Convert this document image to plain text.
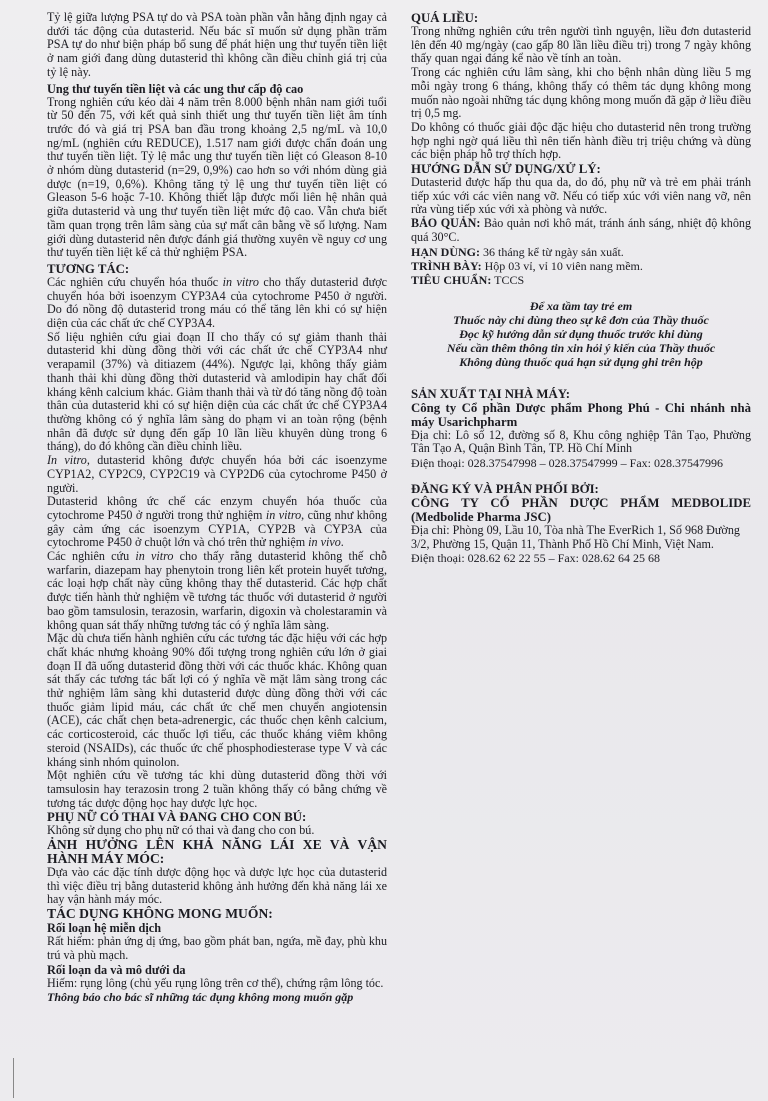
Tỷ lệ giữa lượng PSA tự do và PSA toàn phần vẫn hằng định ngay cả dưới tác động của dutasterid. Nếu bác sĩ muốn sử dụng phần trăm PSA tự do như biện pháp bổ sung để phát hiện ung thư tuyến tiền liệt ở nam giới đang dùng dutasterid thì không cần điều chỉnh giá trị của tỷ lệ này.

Ung thư tuyến tiền liệt và các ung thư cấp độ cao

Trong nghiên cứu kéo dài 4 năm trên 8.000 bệnh nhân nam giới tuổi từ 50 đến 75, với kết quả sinh thiết ung thư tuyến tiền liệt âm tính trước đó và giá trị PSA ban đầu trong khoảng 2,5 ng/mL và 10,0 ng/mL (nghiên cứu REDUCE), 1.517 nam giới được chẩn đoán ung thư tuyến tiền liệt. Tỷ lệ mắc ung thư tuyến tiền liệt có Gleason 8-10 ở nhóm dùng dutasterid (n=29, 0,9%) cao hơn so với nhóm dùng giả dược (n=19, 0,6%). Không tăng tỷ lệ ung thư tuyến tiền liệt có Gleason 5-6 hoặc 7-10. Không thiết lập được mối liên hệ nhân quả giữa dutasterid và ung thư tuyến tiền liệt mức độ cao. Vẫn chưa biết tầm quan trọng trên lâm sàng của sự mất cân bằng về số lượng. Nam giới dùng dutasterid nên được đánh giá thường xuyên về nguy cơ ung thư tuyến tiền liệt kể cả thử nghiệm PSA.

TƯƠNG TÁC:

Các nghiên cứu chuyển hóa thuốc in vitro cho thấy dutasterid được chuyển hóa bởi isoenzym CYP3A4 của cytochrome P450 ở người. Do đó nồng độ dutasterid trong máu có thể tăng lên khi có sự hiện diện của các chất ức chế CYP3A4.

Số liệu nghiên cứu giai đoạn II cho thấy có sự giảm thanh thải dutasterid khi dùng đồng thời với các chất ức chế CYP3A4 như verapamil (37%) và ditiazem (44%). Ngược lại, không thấy giảm thanh thải khi dùng đồng thời dutasterid và amlodipin hay chất đối kháng kênh calcium khác. Giảm thanh thải và từ đó tăng nồng độ toàn thân của dutasterid khi có sự hiện diện của các chất ức chế CYP3A4 thường không có ý nghĩa lâm sàng do phạm vi an toàn rộng (bệnh nhân đã được sử dụng đến gấp 10 lần liều khuyên dùng trong 6 tháng), do đó không cần điều chỉnh liều.

In vitro, dutasterid không được chuyển hóa bởi các isoenzyme CYP1A2, CYP2C9, CYP2C19 và CYP2D6 của cytochrome P450 ở người.

Dutasterid không ức chế các enzym chuyển hóa thuốc của cytochrome P450 ở người trong thử nghiệm in vitro, cũng như không gây cảm ứng các isoenzym CYP1A, CYP2B và CYP3A của cytochrome P450 ở chuột lớn và chó trên thử nghiệm in vivo.

Các nghiên cứu in vitro cho thấy rằng dutasterid không thế chỗ warfarin, diazepam hay phenytoin trong liên kết protein huyết tương, các loại hợp chất này cũng không thay thế dutasterid. Các hợp chất được tiến hành thử nghiệm về tương tác thuốc với dutasterid ở người bao gồm tamsulosin, terazosin, warfarin, digoxin và cholestaramin và không quan sát thấy những tương tác có ý nghĩa lâm sàng.

Mặc dù chưa tiến hành nghiên cứu các tương tác đặc hiệu với các hợp chất khác nhưng khoảng 90% đối tượng trong nghiên cứu lớn ở giai đoạn II đã uống dutasterid đồng thời với các thuốc khác. Không quan sát thấy các tương tác bất lợi có ý nghĩa về mặt lâm sàng trong các thử nghiệm lâm sàng khi dutasterid được dùng đồng thời với các thuốc giảm lipid máu, các chất ức chế men chuyển angiotensin (ACE), các chất chẹn beta-adrenergic, các thuốc chẹn kênh calcium, các corticosteroid, các thuốc lợi tiểu, các thuốc kháng viêm không steroid (NSAIDs), các thuốc ức chế phosphodiesterase type V và các kháng sinh nhóm quinolon.

Một nghiên cứu về tương tác khi dùng dutasterid đồng thời với tamsulosin hay terazosin trong 2 tuần không thấy có bằng chứng về tương tác dược động học hay dược lực học.

PHỤ NỮ CÓ THAI VÀ ĐANG CHO CON BÚ:

Không sử dụng cho phụ nữ có thai và đang cho con bú.

ẢNH HƯỞNG LÊN KHẢ NĂNG LÁI XE VÀ VẬN HÀNH MÁY MÓC:

Dựa vào các đặc tính dược động học và dược lực học của dutasterid thì việc điều trị bằng dutasterid không ảnh hưởng đến khả năng lái xe hay vận hành máy móc.

TÁC DỤNG KHÔNG MONG MUỐN:

Rối loạn hệ miễn dịch

Rất hiếm: phản ứng dị ứng, bao gồm phát ban, ngứa, mề đay, phù khu trú và phù mạch.

Rối loạn da và mô dưới da

Hiếm: rụng lông (chủ yếu rụng lông trên cơ thể), chứng rậm lông tóc.

Thông báo cho bác sĩ những tác dụng không mong muốn gặp

QUÁ LIỀU:

Trong những nghiên cứu trên người tình nguyện, liều đơn dutasterid lên đến 40 mg/ngày (cao gấp 80 lần liều điều trị) trong 7 ngày không thấy quan ngại đáng kể nào về tính an toàn.

Trong các nghiên cứu lâm sàng, khi cho bệnh nhân dùng liều 5 mg mỗi ngày trong 6 tháng, không thấy có thêm tác dụng không mong muốn nào ngoài những tác dụng không mong muốn đã gặp ở liều điều trị 0,5 mg.

Do không có thuốc giải độc đặc hiệu cho dutasterid nên trong trường hợp nghi ngờ quá liều thì nên tiến hành điều trị triệu chứng và dùng các biện pháp hỗ trợ thích hợp.

HƯỚNG DẪN SỬ DỤNG/XỬ LÝ:

Dutasterid được hấp thu qua da, do đó, phụ nữ và trẻ em phải tránh tiếp xúc với các viên nang vỡ. Nếu có tiếp xúc với viên nang vỡ, nên rửa vùng tiếp xúc với xà phòng và nước.

BẢO QUẢN: Bảo quản nơi khô mát, tránh ánh sáng, nhiệt độ không quá 30°C.

HẠN DÙNG: 36 tháng kể từ ngày sản xuất.

TRÌNH BÀY: Hộp 03 vỉ, vỉ 10 viên nang mềm.

TIÊU CHUẨN: TCCS

Để xa tầm tay trẻ em

Thuốc này chỉ dùng theo sự kê đơn của Thầy thuốc

Đọc kỹ hướng dẫn sử dụng thuốc trước khi dùng

Nếu cần thêm thông tin xin hỏi ý kiến của Thầy thuốc

Không dùng thuốc quá hạn sử dụng ghi trên hộp

SẢN XUẤT TẠI NHÀ MÁY:

Công ty Cổ phần Dược phẩm Phong Phú - Chi nhánh nhà máy Usarichpharm

Địa chỉ: Lô số 12, đường số 8, Khu công nghiệp Tân Tạo, Phường Tân Tạo A, Quận Bình Tân, TP. Hồ Chí Minh

Điện thoại: 028.37547998 – 028.37547999 – Fax: 028.37547996

ĐĂNG KÝ VÀ PHÂN PHỐI BỞI:

CÔNG TY CỔ PHẦN DƯỢC PHẨM MEDBOLIDE (Medbolide Pharma JSC)

Địa chỉ: Phòng 09, Lầu 10, Tòa nhà The EverRich 1, Số 968 Đường 3/2, Phường 15, Quận 11, Thành Phố Hồ Chí Minh, Việt Nam.

Điện thoại: 028.62 62 22 55 – Fax: 028.62 64 25 68
